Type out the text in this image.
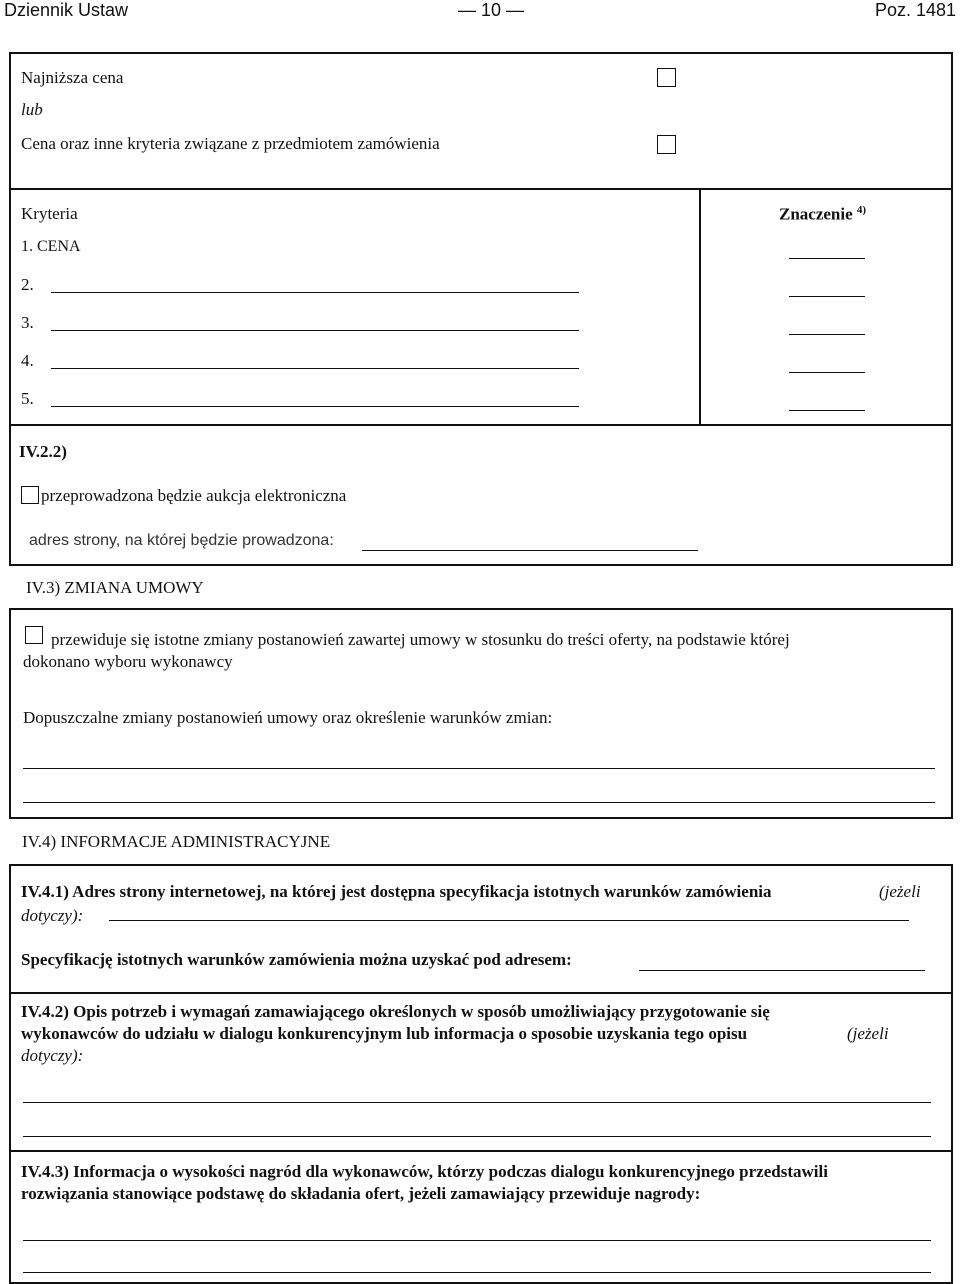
Dziennik Ustaw	— 10 —	Poz. 1481
Najniższa cena
lub
Cena oraz inne kryteria związane z przedmiotem zamówienia
Kryteria	Znaczenie $^{4)}$
1. CENA
2.
3.
4.
5.
IV.2.2)
przeprowadzona będzie aukcja elektroniczna
adres strony, na której będzie prowadzona:
IV.3) ZMIANA UMOWY
przewiduje się istotne zmiany postanowień zawartej umowy w stosunku do treści oferty, na podstawie której
dokonano wyboru wykonawcy
Dopuszczalne zmiany postanowień umowy oraz określenie warunków zmian:
IV.4) INFORMACJE ADMINISTRACYJNE
IV.4.1) Adres strony internetowej, na której jest dostępna specyfikacja istotnych warunków zamówienia	(jeżeli
dotyczy):
Specyfikację istotnych warunków zamówienia można uzyskać pod adresem:
IV.4.2) Opis potrzeb i wymagań zamawiającego określonych w sposób umożliwiający przygotowanie się
wykonawców do udziału w dialogu konkurencyjnym lub informacja o sposobie uzyskania tego opisu	(jeżeli
dotyczy):
IV.4.3) Informacja o wysokości nagród dla wykonawców, którzy podczas dialogu konkurencyjnego przedstawili
rozwiązania stanowiące podstawę do składania ofert, jeżeli zamawiający przewiduje nagrody:
